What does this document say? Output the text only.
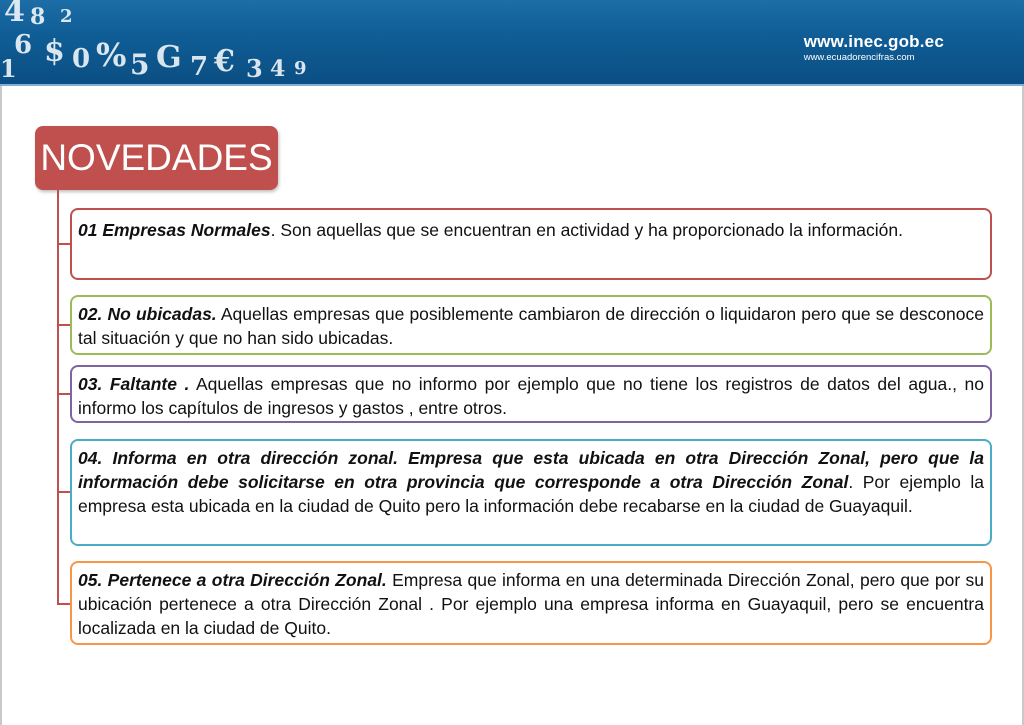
4 8
6 $ 0 % 5 G 7 € 3 4 9
2
1
www.inec.gob.ec
www.ecuadorencifras.com
NOVEDADES
01 Empresas Normales. Son aquellas que se encuentran en actividad y ha proporcionado la información.
02. No ubicadas. Aquellas empresas que posiblemente cambiaron de dirección o liquidaron pero que se desconoce tal situación y que no han sido ubicadas.
03. Faltante . Aquellas empresas que no informo por ejemplo que no tiene los registros de datos del agua., no informo los capítulos de ingresos y gastos , entre otros.
04. Informa en otra dirección zonal. Empresa que esta ubicada en otra Dirección Zonal, pero que la información debe solicitarse en otra provincia que corresponde a otra Dirección Zonal. Por ejemplo la empresa esta ubicada en la ciudad de Quito pero la información debe recabarse en la ciudad de Guayaquil.
05. Pertenece a otra Dirección Zonal. Empresa que informa en una determinada Dirección Zonal, pero que por su ubicación pertenece a otra Dirección Zonal . Por ejemplo una empresa informa en Guayaquil, pero se encuentra localizada en la ciudad de Quito.
